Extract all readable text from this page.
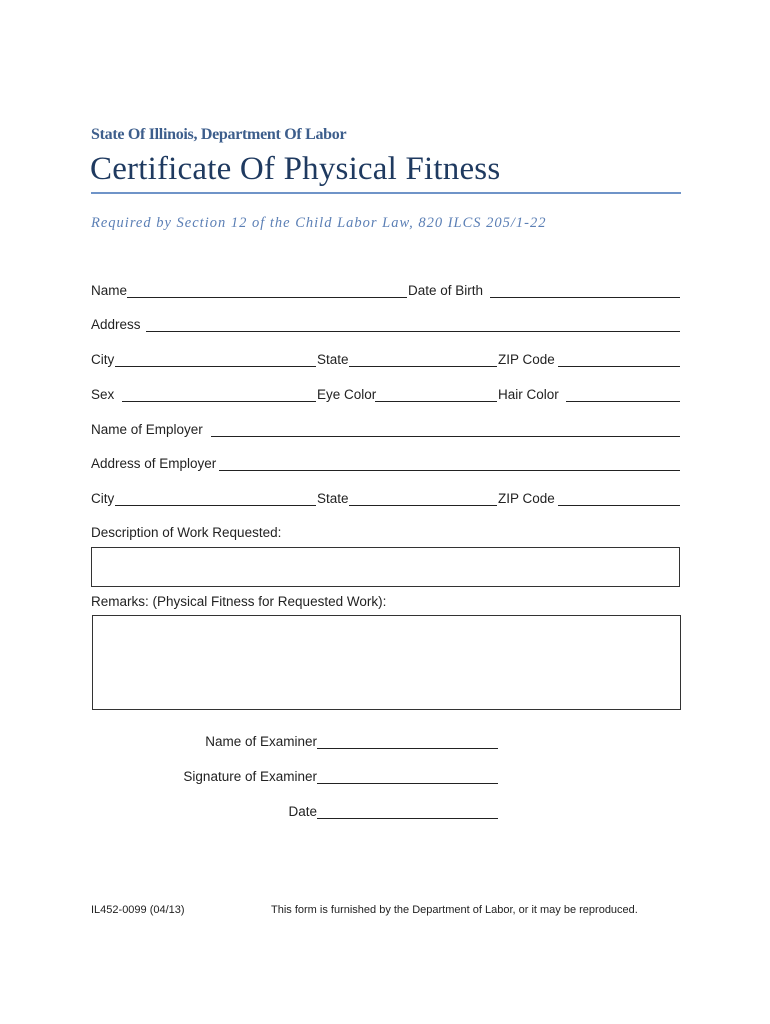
State Of Illinois, Department Of Labor
Certificate Of Physical Fitness
Required by Section 12 of the Child Labor Law, 820 ILCS 205/1-22
Name	Date of Birth
Address
City	State	ZIP Code
Sex	Eye Color	Hair Color
Name of Employer
Address of Employer
City	State	ZIP Code
Description of Work Requested:
Remarks: (Physical Fitness for Requested Work):
Name of Examiner
Signature of Examiner
Date
IL452-0099 (04/13)	This form is furnished by the Department of Labor, or it may be reproduced.
